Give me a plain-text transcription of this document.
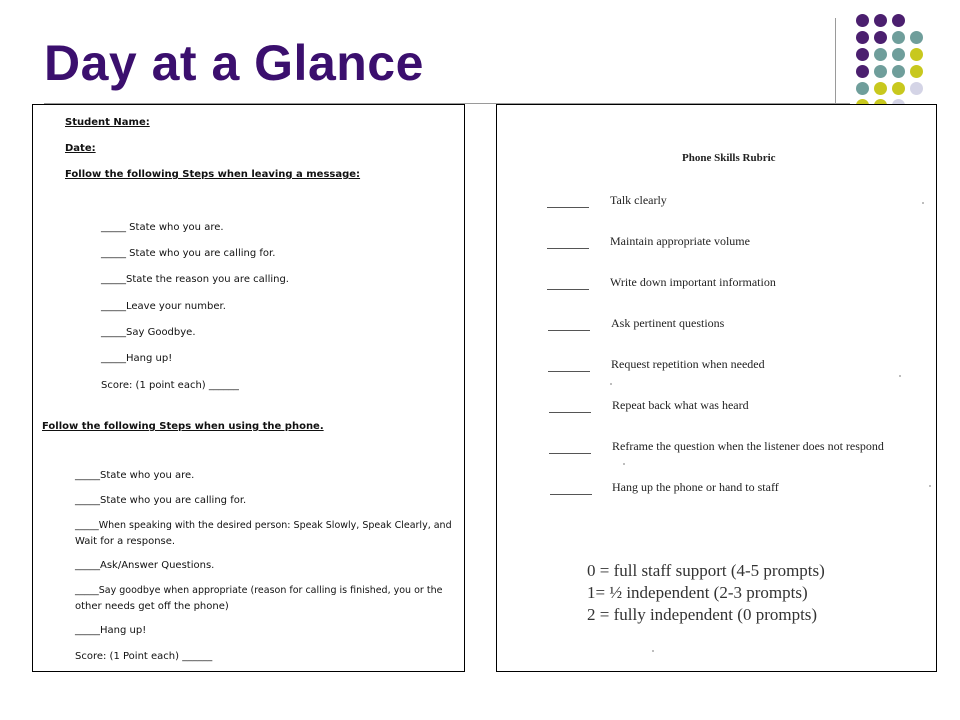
Day at a Glance
Student Name:
Date:
Follow the following Steps when leaving a message:
_____ State who you are.
_____ State who you are calling for.
_____State the reason you are calling.
_____Leave your number.
_____Say Goodbye.
_____Hang up!
Score: (1 point each) ______
Follow the following Steps when using the phone.
_____State who you are.
_____State who you are calling for.
_____When speaking with the desired person: Speak Slowly, Speak Clearly, and
Wait for a response.
_____Ask/Answer Questions.
_____Say goodbye when appropriate (reason for calling is finished, you or the
other needs get off the phone)
_____Hang up!
Score: (1 Point each) ______
Phone Skills Rubric
Talk clearly
Maintain appropriate volume
Write down important information
Ask pertinent questions
Request repetition when needed
Repeat back what was heard
Reframe the question when the listener does not respond
Hang up the phone or hand to staff
0 = full staff support (4-5 prompts)
1= ½ independent (2-3 prompts)
2 = fully independent (0 prompts)
